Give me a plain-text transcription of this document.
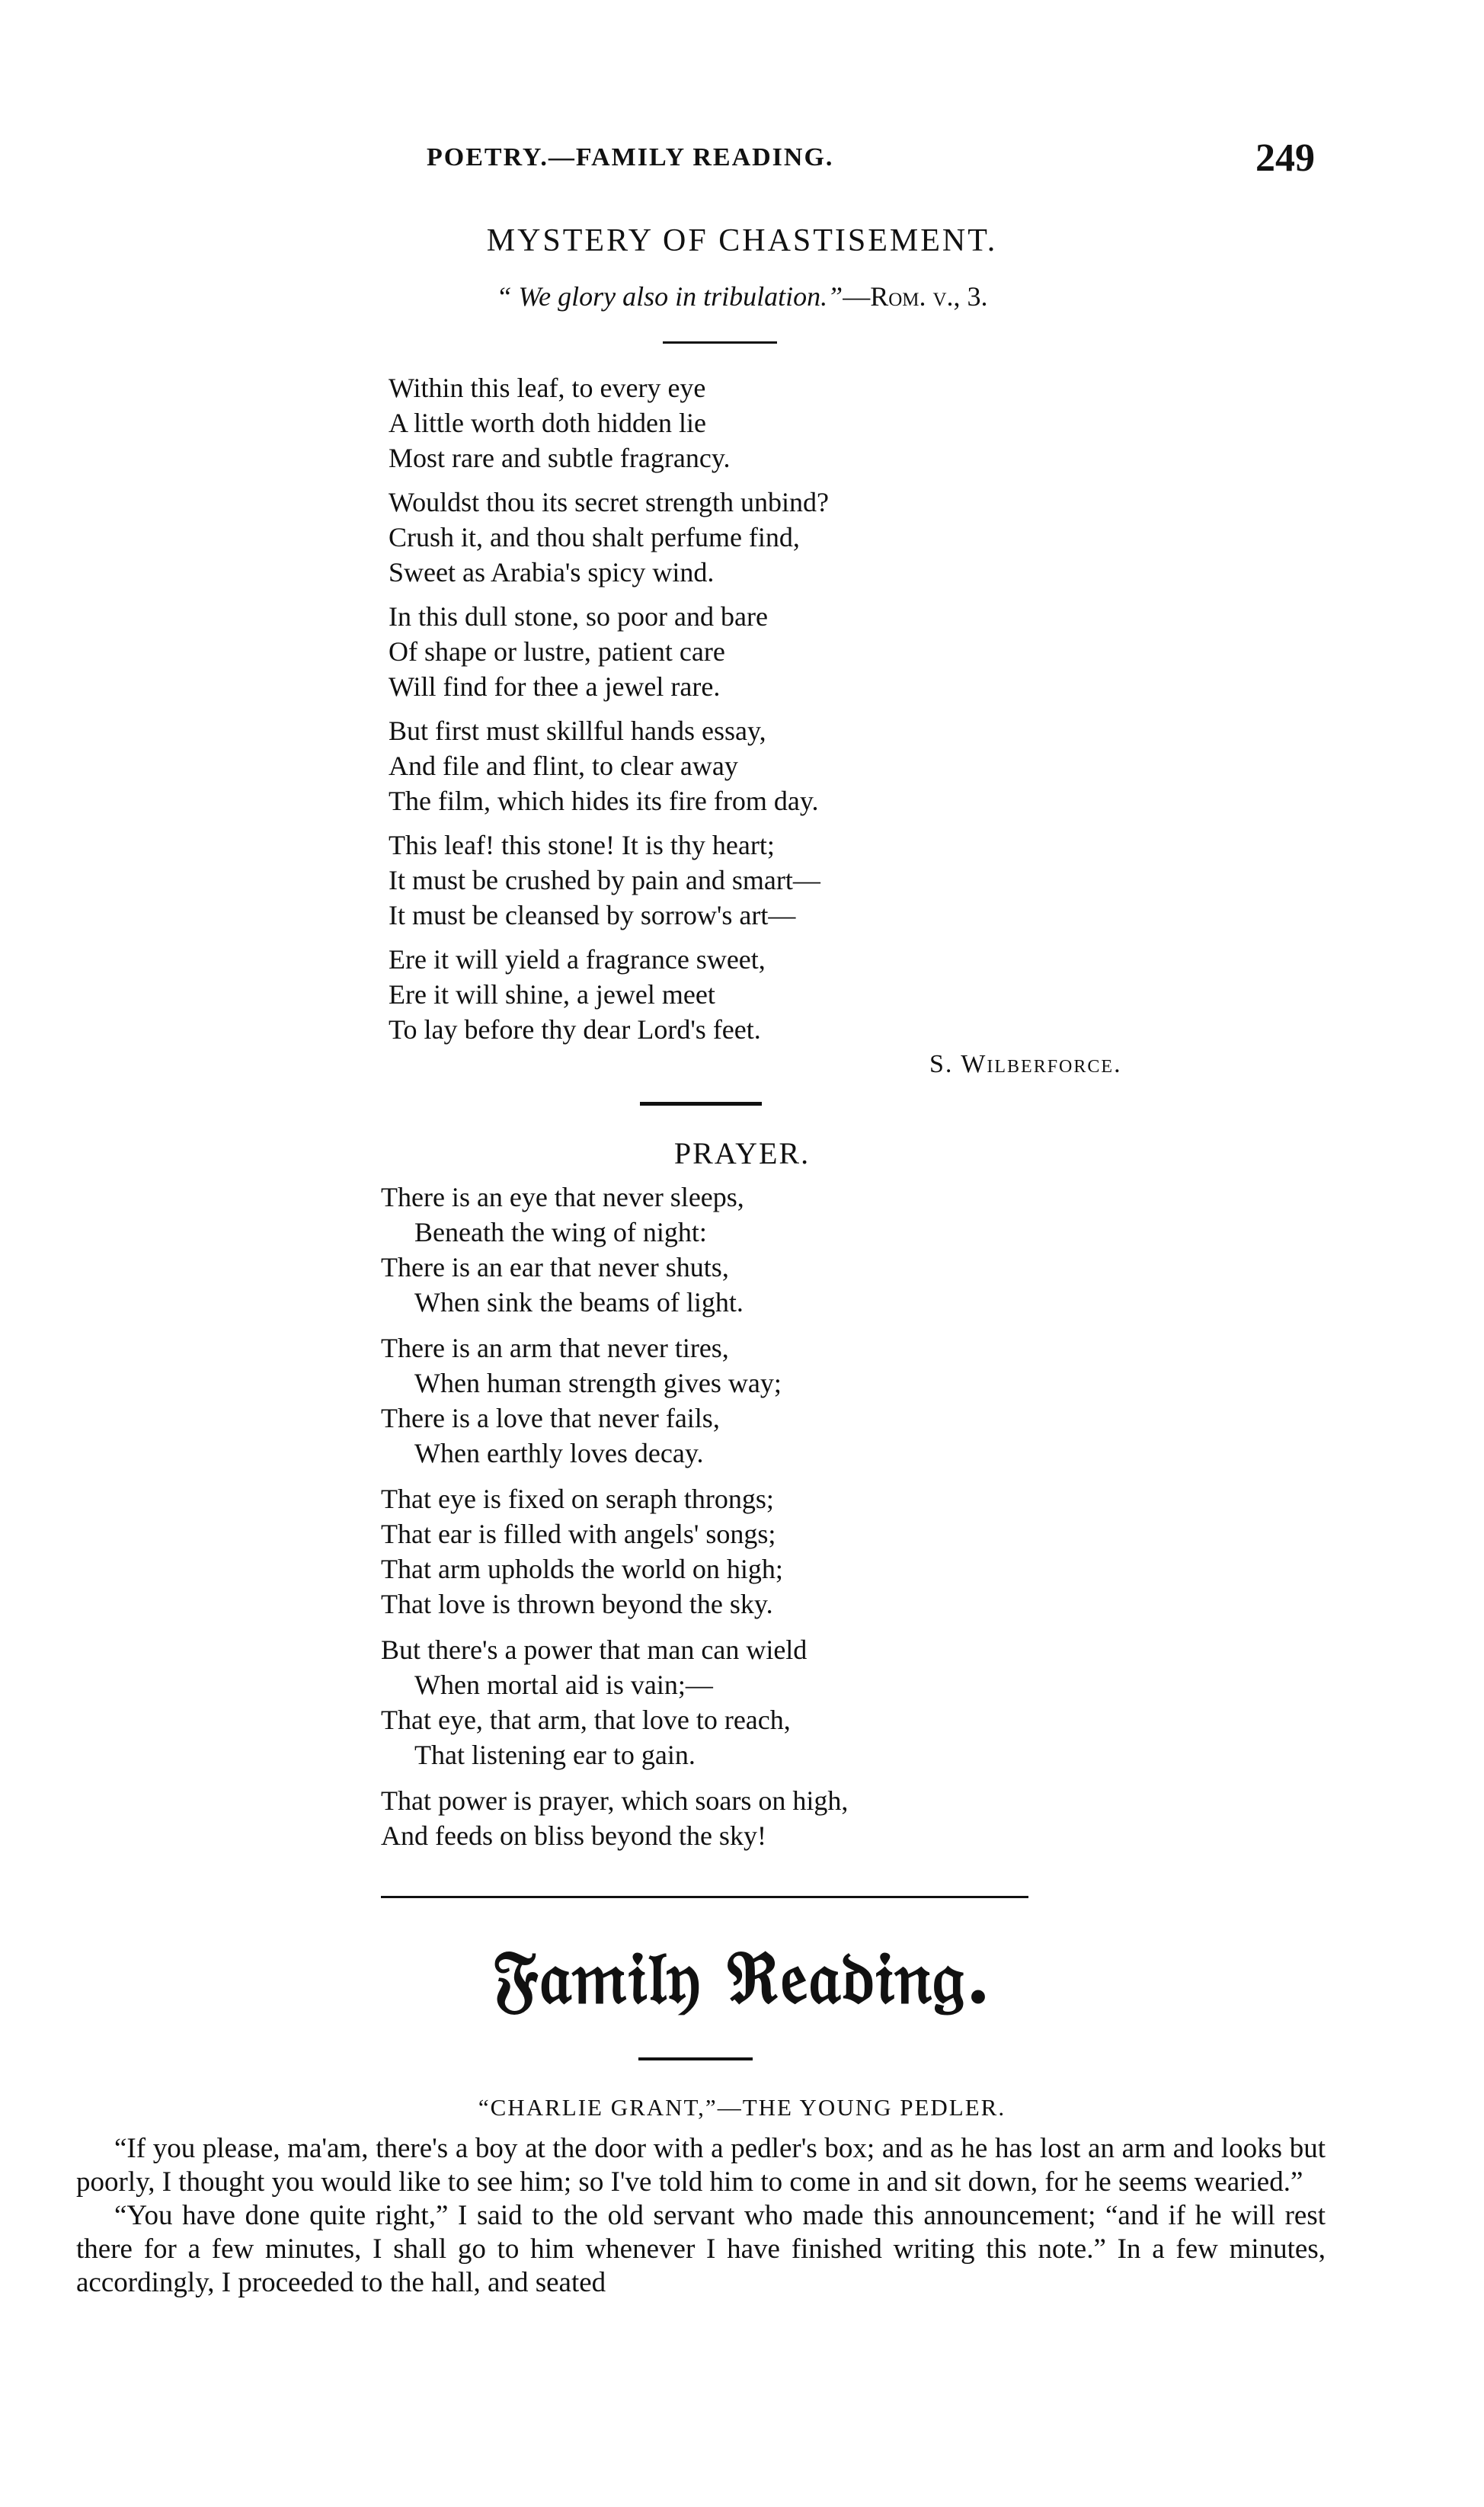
POETRY.—FAMILY READING.	249
MYSTERY OF CHASTISEMENT.
“ We glory also in tribulation.”—Rom. v., 3.
Within this leaf, to every eye
A little worth doth hidden lie
Most rare and subtle fragrancy.
Wouldst thou its secret strength unbind?
Crush it, and thou shalt perfume find,
Sweet as Arabia's spicy wind.
In this dull stone, so poor and bare
Of shape or lustre, patient care
Will find for thee a jewel rare.
But first must skillful hands essay,
And file and flint, to clear away
The film, which hides its fire from day.
This leaf! this stone! It is thy heart;
It must be crushed by pain and smart—
It must be cleansed by sorrow's art—
Ere it will yield a fragrance sweet,
Ere it will shine, a jewel meet
To lay before thy dear Lord's feet.
S. Wilberforce.
PRAYER.
There is an eye that never sleeps,
Beneath the wing of night:
There is an ear that never shuts,
When sink the beams of light.
There is an arm that never tires,
When human strength gives way;
There is a love that never fails,
When earthly loves decay.
That eye is fixed on seraph throngs;
That ear is filled with angels' songs;
That arm upholds the world on high;
That love is thrown beyond the sky.
But there's a power that man can wield
When mortal aid is vain;—
That eye, that arm, that love to reach,
That listening ear to gain.
That power is prayer, which soars on high,
And feeds on bliss beyond the sky!
𝔉𝔞𝔪𝔦𝔩𝔶 ℜ𝔢𝔞𝔡𝔦𝔫𝔤.
“CHARLIE GRANT,”—THE YOUNG PEDLER.

“If you please, ma'am, there's a boy at the door with a pedler's box; and as he has lost an arm and looks but poorly, I thought you would like to see him; so I've told him to come in and sit down, for he seems wearied.”

“You have done quite right,” I said to the old servant who made this announcement; “and if he will rest there for a few minutes, I shall go to him whenever I have finished writing this note.” In a few minutes, accordingly, I proceeded to the hall, and seated
